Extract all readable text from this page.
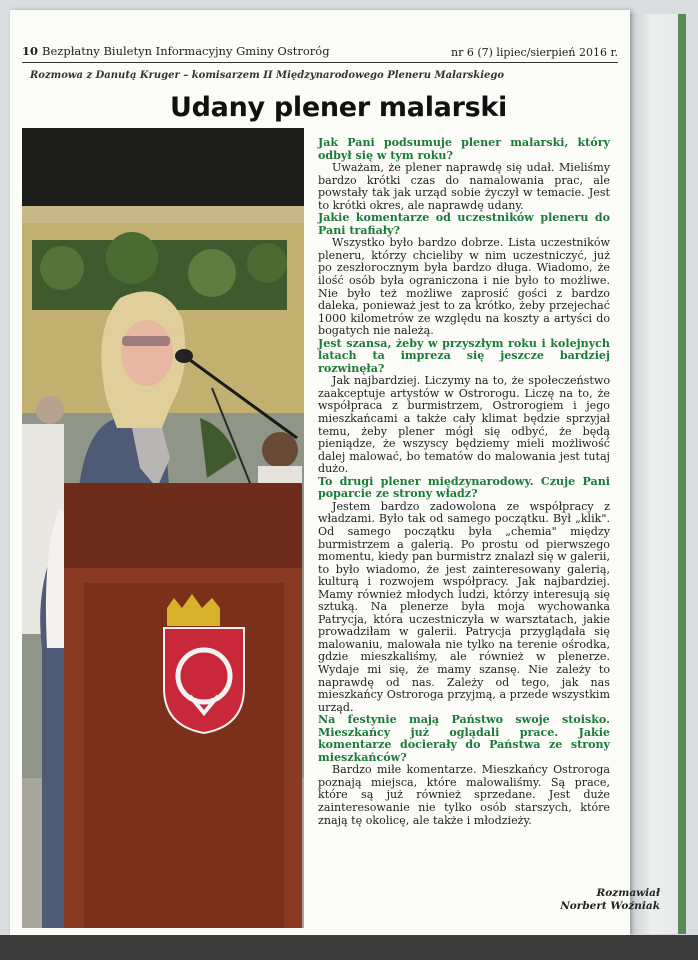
10 Bezpłatny Biuletyn Informacyjny Gminy Ostroróg	nr 6 (7) lipiec/sierpień 2016 r.
Rozmowa z Danutą Kruger – komisarzem II Międzynarodowego Pleneru Malarskiego
Udany plener malarski

Jak Pani podsumuje plener malarski, który odbył się w tym roku?

Uważam, że plener naprawdę się udał. Mieliśmy bardzo krótki czas do namalowania prac, ale powstały tak jak urząd sobie życzył w temacie. Jest to krótki okres, ale naprawdę udany.

Jakie komentarze od uczestników pleneru do Pani trafiały?

Wszystko było bardzo dobrze. Lista uczestników pleneru, którzy chcieliby w nim uczestniczyć, już po zeszłorocznym była bardzo długa. Wiadomo, że ilość osób była ograniczona i nie było to możliwe. Nie było też możliwe zaprosić gości z bardzo daleka, ponieważ jest to za krótko, żeby przejechać 1000 kilometrów ze względu na koszty a artyści do bogatych nie należą.

Jest szansa, żeby w przyszłym roku i kolejnych latach ta impreza się jeszcze bardziej rozwinęła?

Jak najbardziej. Liczymy na to, że społeczeństwo zaakceptuje artystów w Ostrorogu. Liczę na to, że współpraca z burmistrzem, Ostrorogiem i jego mieszkańcami a także cały klimat będzie sprzyjał temu, żeby plener mógł się odbyć, że będą pieniądze, że wszyscy będziemy mieli możliwość dalej malować, bo tematów do malowania jest tutaj dużo.

To drugi plener międzynarodowy. Czuje Pani poparcie ze strony władz?

Jestem bardzo zadowolona ze współpracy z władzami. Było tak od samego początku. Był „klik". Od samego początku była „chemia" między burmistrzem a galerią. Po prostu od pierwszego momentu, kiedy pan burmistrz znalazł się w galerii, to było wiadomo, że jest zainteresowany galerią, kulturą i rozwojem współpracy. Jak najbardziej. Mamy również młodych ludzi, którzy interesują się sztuką. Na plenerze była moja wychowanka Patrycja, która uczestniczyła w warsztatach, jakie prowadziłam w galerii. Patrycja przyglądała się malowaniu, malowała nie tylko na terenie ośrodka, gdzie mieszkaliśmy, ale również w plenerze. Wydaje mi się, że mamy szansę. Nie zależy to naprawdę od nas. Zależy od tego, jak nas mieszkańcy Ostroroga przyjmą, a przede wszystkim urząd.

Na festynie mają Państwo swoje stoisko. Mieszkańcy już oglądali prace. Jakie komentarze docierały do Państwa ze strony mieszkańców?

Bardzo miłe komentarze. Mieszkańcy Ostroroga poznają miejsca, które malowaliśmy. Są prace, które są już również sprzedane. Jest duże zainteresowanie nie tylko osób starszych, które znają tę okolicę, ale także i młodzieży.

Rozmawiał
Norbert Woźniak
